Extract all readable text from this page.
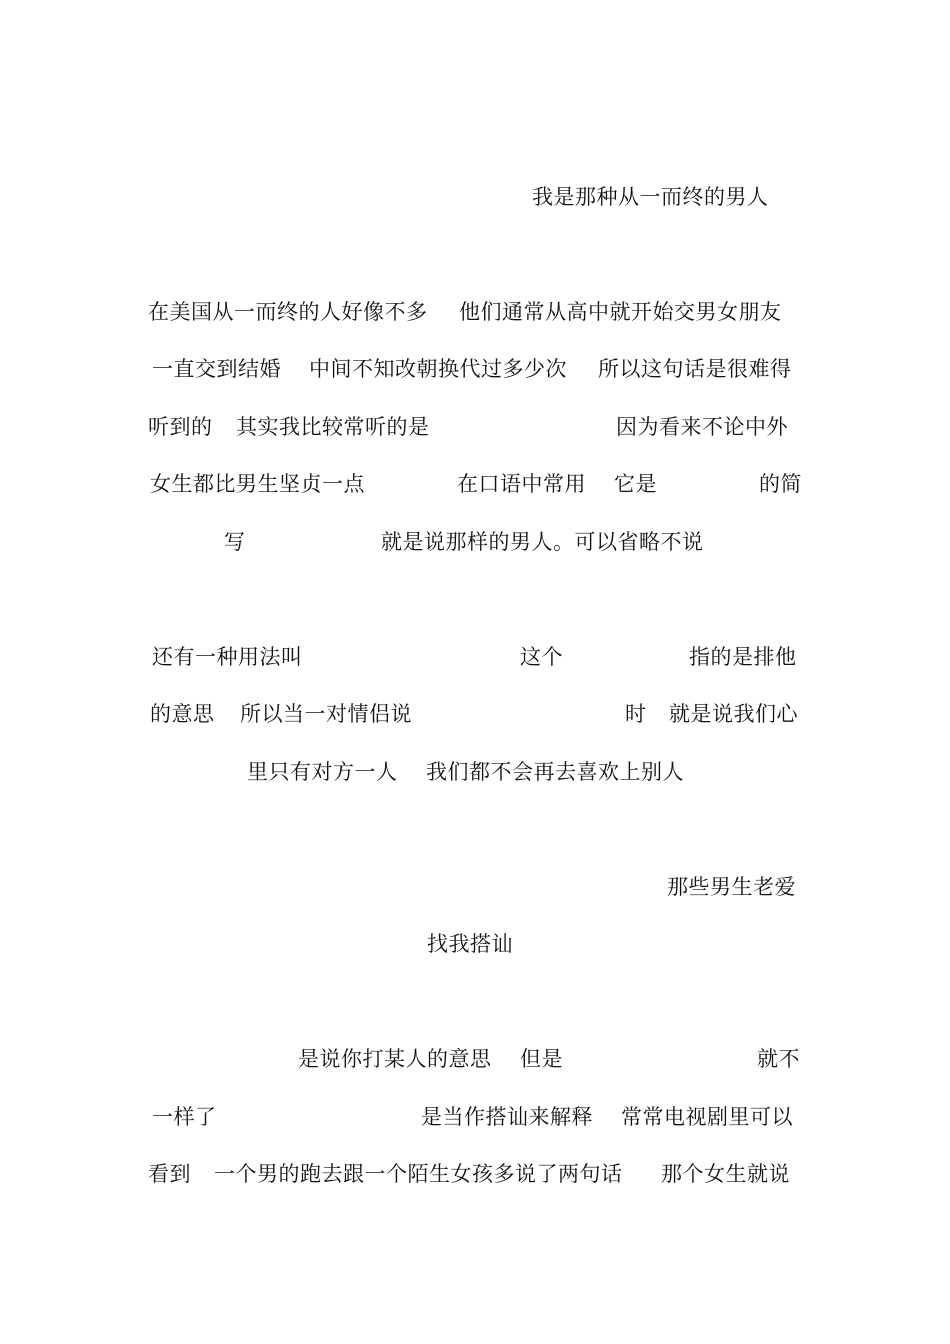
我是那种从一而终的男人
在美国从一而终的人好像不多 他们通常从高中就开始交男女朋友
一直交到结婚 中间不知改朝换代过多少次 所以这句话是很难得
听到的 其实我比较常听的是	因为看来不论中外
女生都比男生坚贞一点	在口语中常用 它是	的简
写	就是说那样的男人。可以省略不说
还有一种用法叫	这个	指的是排他
的意思 所以当一对情侣说	时 就是说我们心
里只有对方一人 我们都不会再去喜欢上别人
那些男生老爱
找我搭讪
是说你打某人的意思 但是	就不
一样了	是当作搭讪来解释 常常电视剧里可以
看到 一个男的跑去跟一个陌生女孩多说了两句话 那个女生就说
